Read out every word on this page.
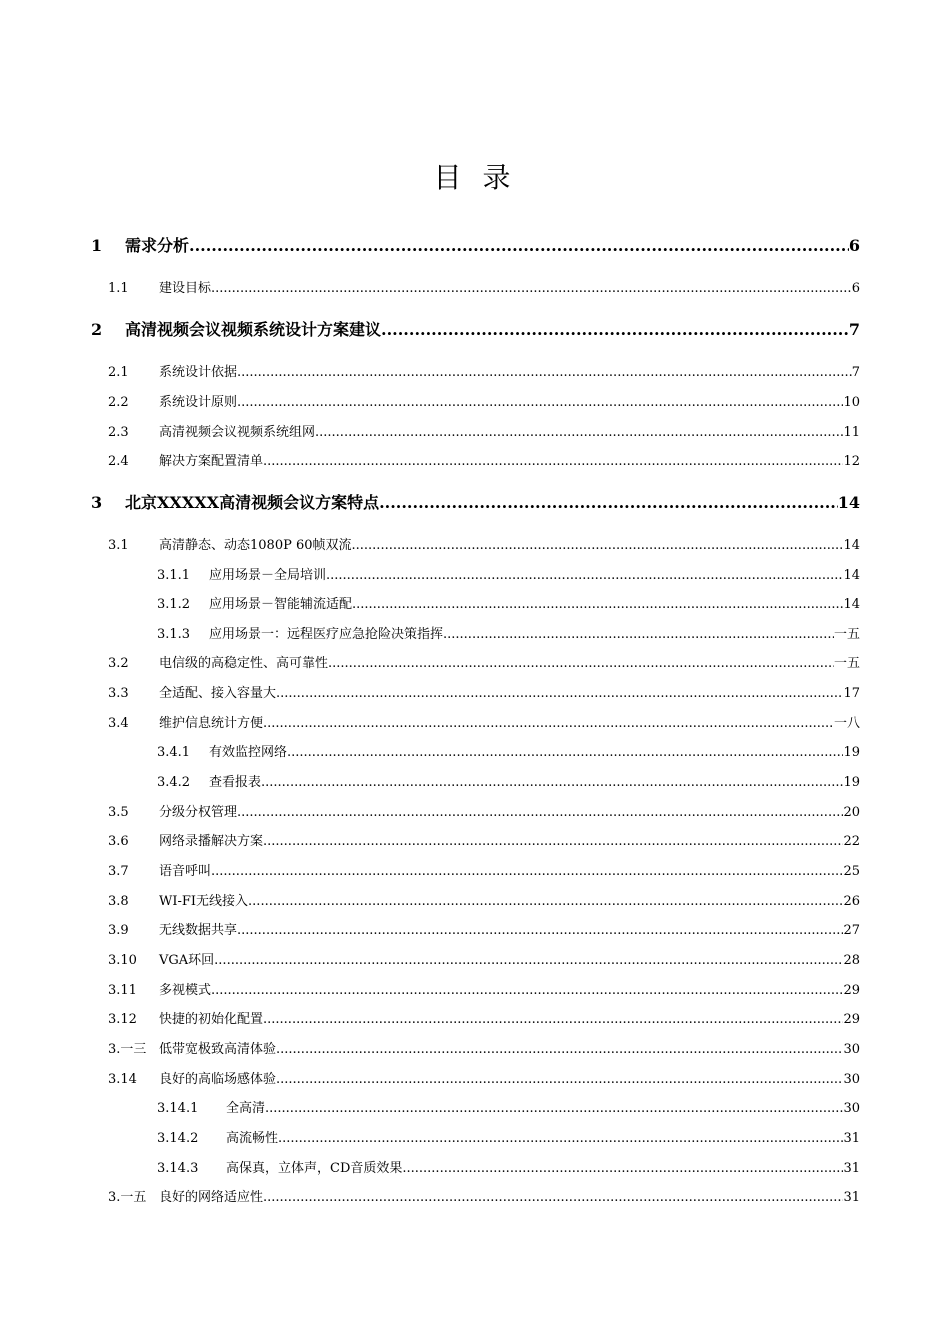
目 录
1	需求分析 .....	6
1.1	建设目标 .....	6
2	高清视频会议视频系统设计方案建议 .....	7
2.1	系统设计依据 .....	7
2.2	系统设计原则 .....	10
2.3	高清视频会议视频系统组网 .....	11
2.4	解决方案配置清单 .....	12
3	北京XXXXX高清视频会议方案特点 .....	14
3.1	高清静态、动态1080P 60帧双流 .....	14
3.1.1	应用场景－全局培训 .....	14
3.1.2	应用场景－智能辅流适配 .....	14
3.1.3	应用场景一：远程医疗应急抢险决策指挥 .....	一五
3.2	电信级的高稳定性、高可靠性 .....	一五
3.3	全适配、接入容量大 .....	17
3.4	维护信息统计方便 .....	一八
3.4.1	有效监控网络 .....	19
3.4.2	查看报表 .....	19
3.5	分级分权管理 .....	20
3.6	网络录播解决方案 .....	22
3.7	语音呼叫 .....	25
3.8	WI-FI无线接入 .....	26
3.9	无线数据共享 .....	27
3.10	VGA环回 .....	28
3.11	多视模式 .....	29
3.12	快捷的初始化配置 .....	29
3.一三 低带宽极致高清体验 .....	30
3.14	良好的高临场感体验 .....	30
3.14.1	全高清 .....	30
3.14.2	高流畅性 .....	31
3.14.3	高保真，立体声，CD音质效果 .....	31
3.一五 良好的网络适应性 .....	31
